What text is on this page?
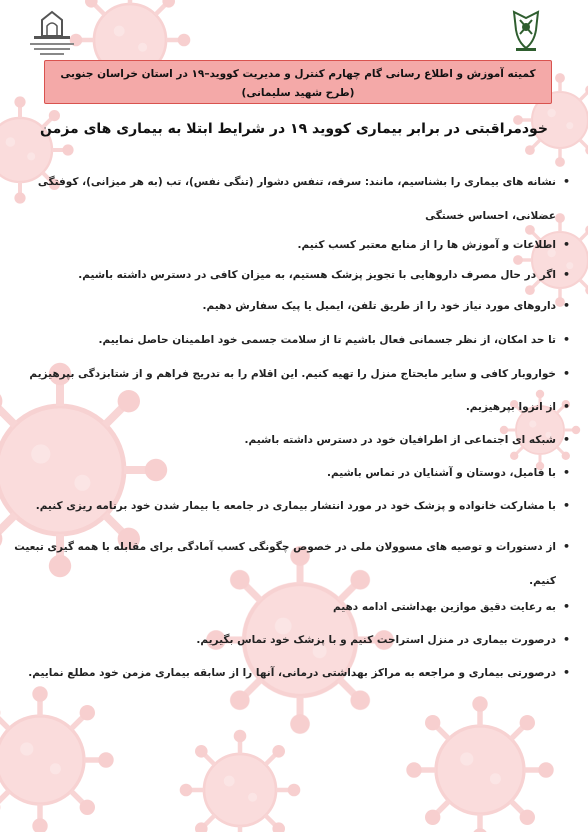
کمیته آموزش و اطلاع رسانی گام چهارم کنترل و مدیریت کووید–۱۹ در استان خراسان جنوبی
(طرح شهید سلیمانی)
خودمراقبتی در برابر بیماری کووید ۱۹ در شرایط ابتلا به بیماری های مزمن
•
نشانه های بیماری را بشناسیم، مانند: سرفه، تنفس دشوار (تنگی نفس)، تب (به هر میزانی)، کوفتگی عضلانی، احساس خستگی
•
اطلاعات و آموزش ها را از منابع معتبر کسب کنیم.
•
اگر در حال مصرف داروهایی با تجویز پزشک هستیم، به میزان کافی در دسترس داشته باشیم.
•
داروهای مورد نیاز خود را از طریق تلفن، ایمیل یا پیک سفارش دهیم.
•
تا حد امکان، از نظر جسمانی فعال باشیم تا از سلامت جسمی خود اطمینان حاصل نماییم.
•
خواروبار کافی و سایر مایحتاج منزل را تهیه کنیم. این اقلام را به تدریج فراهم و از شتابزدگی بپرهیزیم
•
از انزوا بپرهیزیم.
•
شبکه ای اجتماعی از اطرافیان خود در دسترس داشته باشیم.
•
با فامیل، دوستان و آشنایان در تماس باشیم.
•
با مشارکت خانواده و پزشک خود در مورد انتشار بیماری در جامعه یا بیمار شدن خود برنامه ریزی کنیم.
•
از دستورات و توصیه های مسوولان ملی در خصوص چگونگی کسب آمادگی برای مقابله با همه گیری تبعیت کنیم.
•
به رعایت دقیق موازین بهداشتی ادامه دهیم
•
درصورت بیماری در منزل استراحت کنیم و با پزشک خود تماس بگیریم.
•
درصورتی بیماری و مراجعه به مراکز بهداشتی درمانی، آنها را از سابقه بیماری مزمن خود مطلع نماییم.
